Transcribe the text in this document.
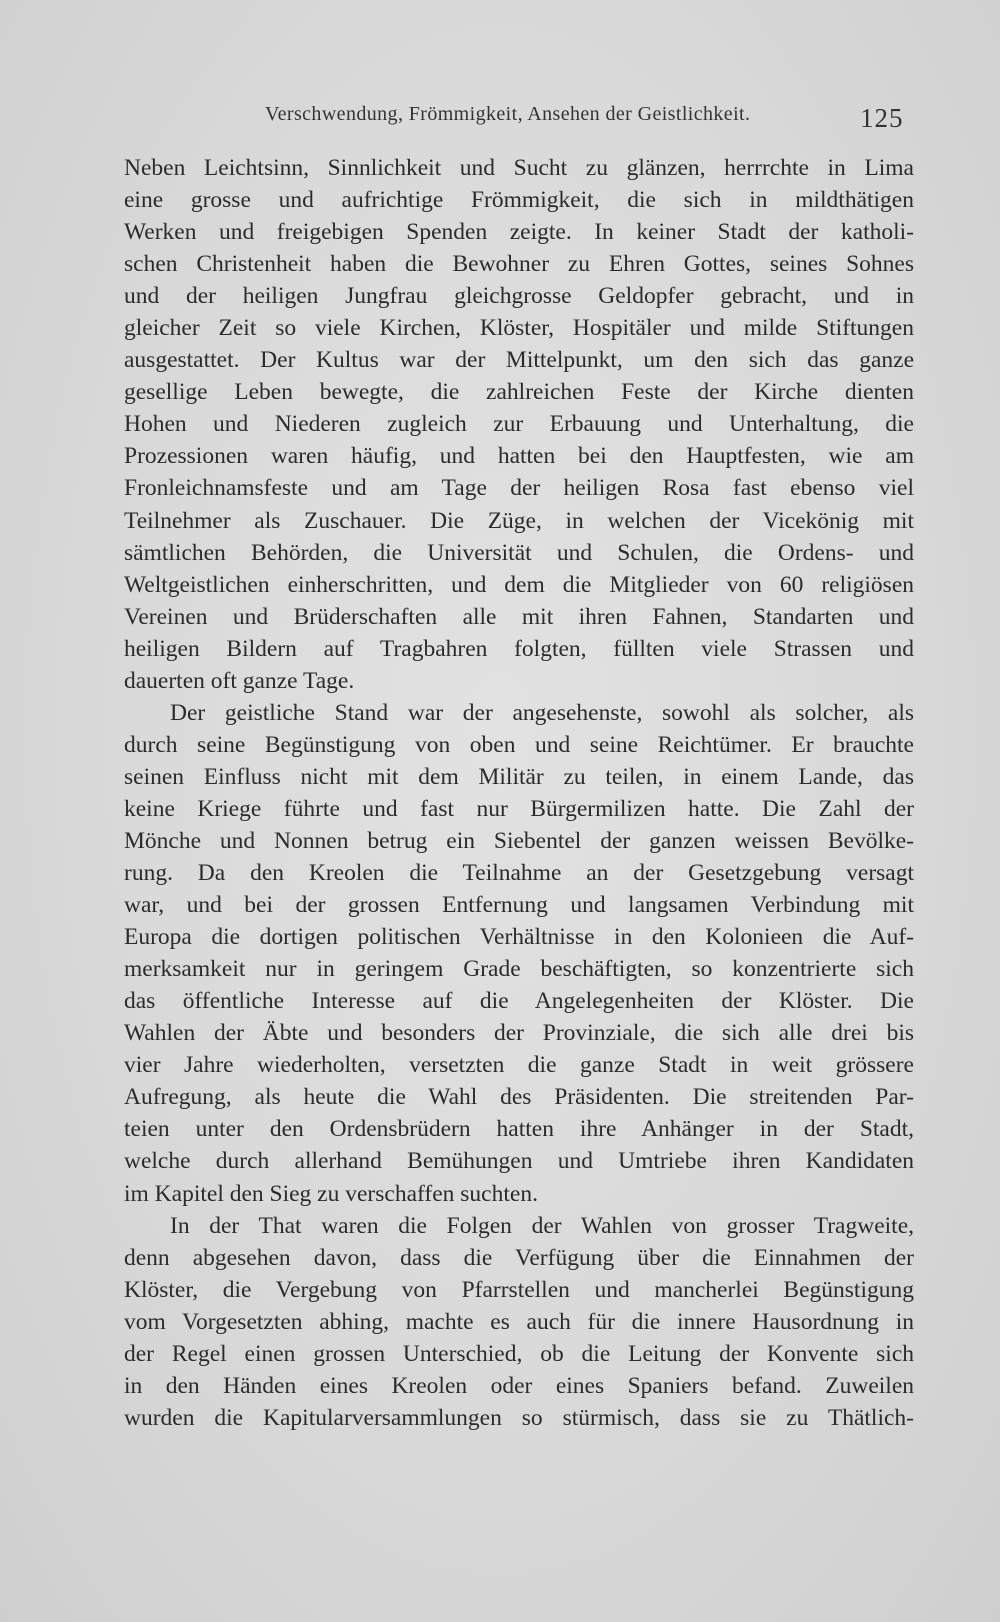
Verschwendung, Frömmigkeit, Ansehen der Geistlichkeit.	125
Neben Leichtsinn, Sinnlichkeit und Sucht zu glänzen, herrrchte in Lima
eine grosse und aufrichtige Frömmigkeit, die sich in mildthätigen
Werken und freigebigen Spenden zeigte. In keiner Stadt der katholi-
schen Christenheit haben die Bewohner zu Ehren Gottes, seines Sohnes
und der heiligen Jungfrau gleichgrosse Geldopfer gebracht, und in
gleicher Zeit so viele Kirchen, Klöster, Hospitäler und milde Stiftungen
ausgestattet. Der Kultus war der Mittelpunkt, um den sich das ganze
gesellige Leben bewegte, die zahlreichen Feste der Kirche dienten
Hohen und Niederen zugleich zur Erbauung und Unterhaltung, die
Prozessionen waren häufig, und hatten bei den Hauptfesten, wie am
Fronleichnamsfeste und am Tage der heiligen Rosa fast ebenso viel
Teilnehmer als Zuschauer. Die Züge, in welchen der Vicekönig mit
sämtlichen Behörden, die Universität und Schulen, die Ordens- und
Weltgeistlichen einherschritten, und dem die Mitglieder von 60 religiösen
Vereinen und Brüderschaften alle mit ihren Fahnen, Standarten und
heiligen Bildern auf Tragbahren folgten, füllten viele Strassen und
dauerten oft ganze Tage.
Der geistliche Stand war der angesehenste, sowohl als solcher, als
durch seine Begünstigung von oben und seine Reichtümer. Er brauchte
seinen Einfluss nicht mit dem Militär zu teilen, in einem Lande, das
keine Kriege führte und fast nur Bürgermilizen hatte. Die Zahl der
Mönche und Nonnen betrug ein Siebentel der ganzen weissen Bevölke-
rung. Da den Kreolen die Teilnahme an der Gesetzgebung versagt
war, und bei der grossen Entfernung und langsamen Verbindung mit
Europa die dortigen politischen Verhältnisse in den Kolonieen die Auf-
merksamkeit nur in geringem Grade beschäftigten, so konzentrierte sich
das öffentliche Interesse auf die Angelegenheiten der Klöster. Die
Wahlen der Äbte und besonders der Provinziale, die sich alle drei bis
vier Jahre wiederholten, versetzten die ganze Stadt in weit grössere
Aufregung, als heute die Wahl des Präsidenten. Die streitenden Par-
teien unter den Ordensbrüdern hatten ihre Anhänger in der Stadt,
welche durch allerhand Bemühungen und Umtriebe ihren Kandidaten
im Kapitel den Sieg zu verschaffen suchten.
In der That waren die Folgen der Wahlen von grosser Tragweite,
denn abgesehen davon, dass die Verfügung über die Einnahmen der
Klöster, die Vergebung von Pfarrstellen und mancherlei Begünstigung
vom Vorgesetzten abhing, machte es auch für die innere Hausordnung in
der Regel einen grossen Unterschied, ob die Leitung der Konvente sich
in den Händen eines Kreolen oder eines Spaniers befand. Zuweilen
wurden die Kapitularversammlungen so stürmisch, dass sie zu Thätlich-
